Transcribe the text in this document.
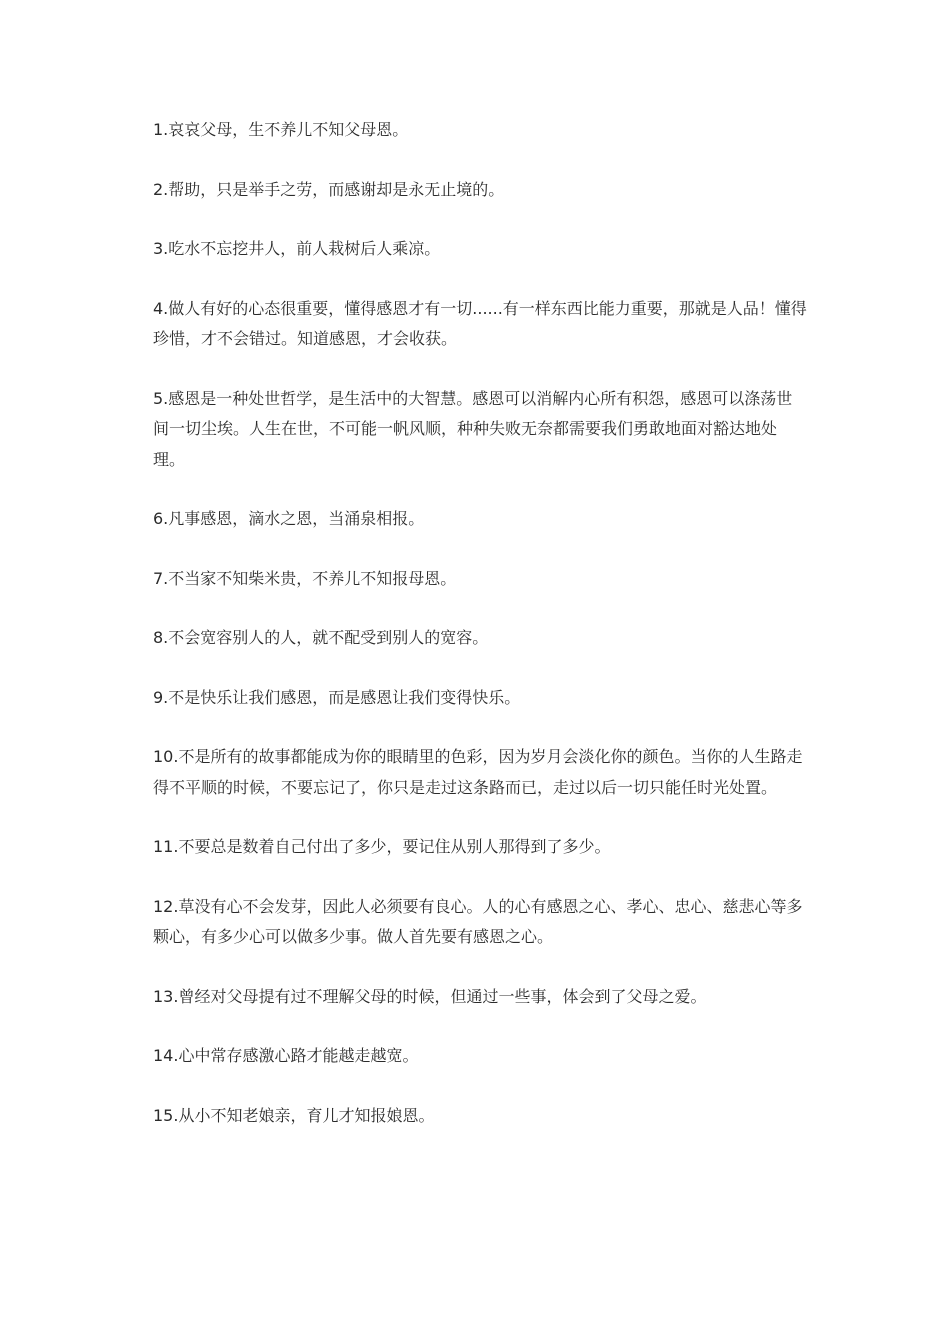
1.哀哀父母，生不养儿不知父母恩。

2.帮助，只是举手之劳，而感谢却是永无止境的。

3.吃水不忘挖井人，前人栽树后人乘凉。

4.做人有好的心态很重要，懂得感恩才有一切......有一样东西比能力重要，那就是人品！懂得珍惜，才不会错过。知道感恩，才会收获。

5.感恩是一种处世哲学，是生活中的大智慧。感恩可以消解内心所有积怨，感恩可以涤荡世间一切尘埃。人生在世，不可能一帆风顺，种种失败无奈都需要我们勇敢地面对豁达地处理。

6.凡事感恩，滴水之恩，当涌泉相报。

7.不当家不知柴米贵，不养儿不知报母恩。

8.不会宽容别人的人，就不配受到别人的宽容。

9.不是快乐让我们感恩，而是感恩让我们变得快乐。

10.不是所有的故事都能成为你的眼睛里的色彩，因为岁月会淡化你的颜色。当你的人生路走得不平顺的时候，不要忘记了，你只是走过这条路而已，走过以后一切只能任时光处置。

11.不要总是数着自己付出了多少，要记住从别人那得到了多少。

12.草没有心不会发芽，因此人必须要有良心。人的心有感恩之心、孝心、忠心、慈悲心等多颗心，有多少心可以做多少事。做人首先要有感恩之心。

13.曾经对父母提有过不理解父母的时候，但通过一些事，体会到了父母之爱。

14.心中常存感激心路才能越走越宽。

15.从小不知老娘亲，育儿才知报娘恩。
